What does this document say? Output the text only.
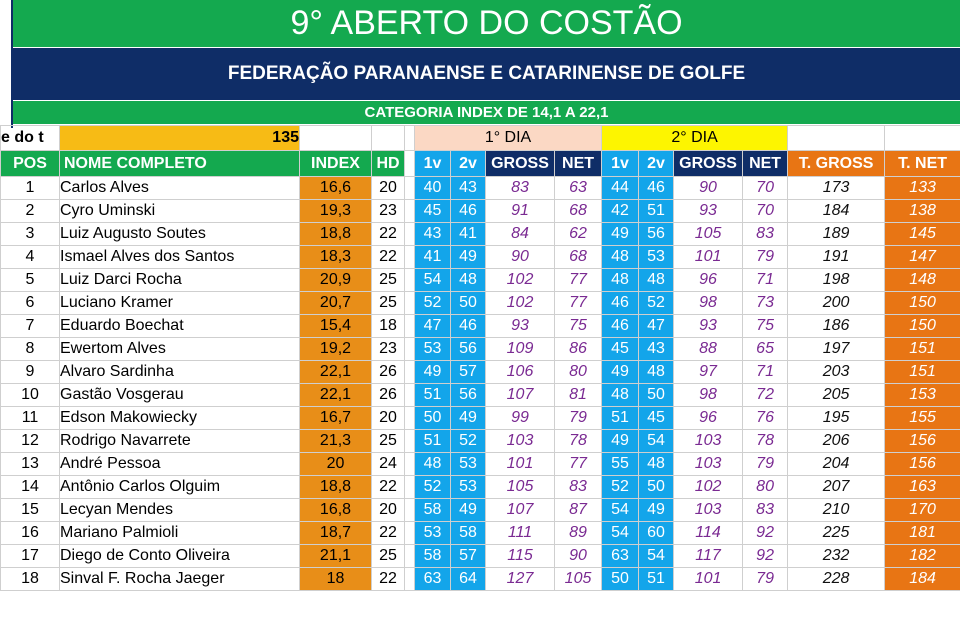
9° ABERTO DO COSTÃO
FEDERAÇÃO PARANAENSE E CATARINENSE DE GOLFE
CATEGORIA INDEX DE 14,1 A 22,1
e do t	135				1° DIA				2° DIA					
POS	NOME COMPLETO	INDEX	HD		1v	2v	GROSS	NET	1v	2v	GROSS	NET	T. GROSS	T. NET
1	Carlos Alves	16,6	20		40	43	83	63	44	46	90	70	173	133
2	Cyro Uminski	19,3	23		45	46	91	68	42	51	93	70	184	138
3	Luiz Augusto Soutes	18,8	22		43	41	84	62	49	56	105	83	189	145
4	Ismael Alves dos Santos	18,3	22		41	49	90	68	48	53	101	79	191	147
5	Luiz Darci Rocha	20,9	25		54	48	102	77	48	48	96	71	198	148
6	Luciano Kramer	20,7	25		52	50	102	77	46	52	98	73	200	150
7	Eduardo Boechat	15,4	18		47	46	93	75	46	47	93	75	186	150
8	Ewertom Alves	19,2	23		53	56	109	86	45	43	88	65	197	151
9	Alvaro Sardinha	22,1	26		49	57	106	80	49	48	97	71	203	151
10	Gastão Vosgerau	22,1	26		51	56	107	81	48	50	98	72	205	153
11	Edson Makowiecky	16,7	20		50	49	99	79	51	45	96	76	195	155
12	Rodrigo Navarrete	21,3	25		51	52	103	78	49	54	103	78	206	156
13	André Pessoa	20	24		48	53	101	77	55	48	103	79	204	156
14	Antônio Carlos Olguim	18,8	22		52	53	105	83	52	50	102	80	207	163
15	Lecyan Mendes	16,8	20		58	49	107	87	54	49	103	83	210	170
16	Mariano Palmioli	18,7	22		53	58	111	89	54	60	114	92	225	181
17	Diego de Conto Oliveira	21,1	25		58	57	115	90	63	54	117	92	232	182
18	Sinval F. Rocha Jaeger	18	22		63	64	127	105	50	51	101	79	228	184
